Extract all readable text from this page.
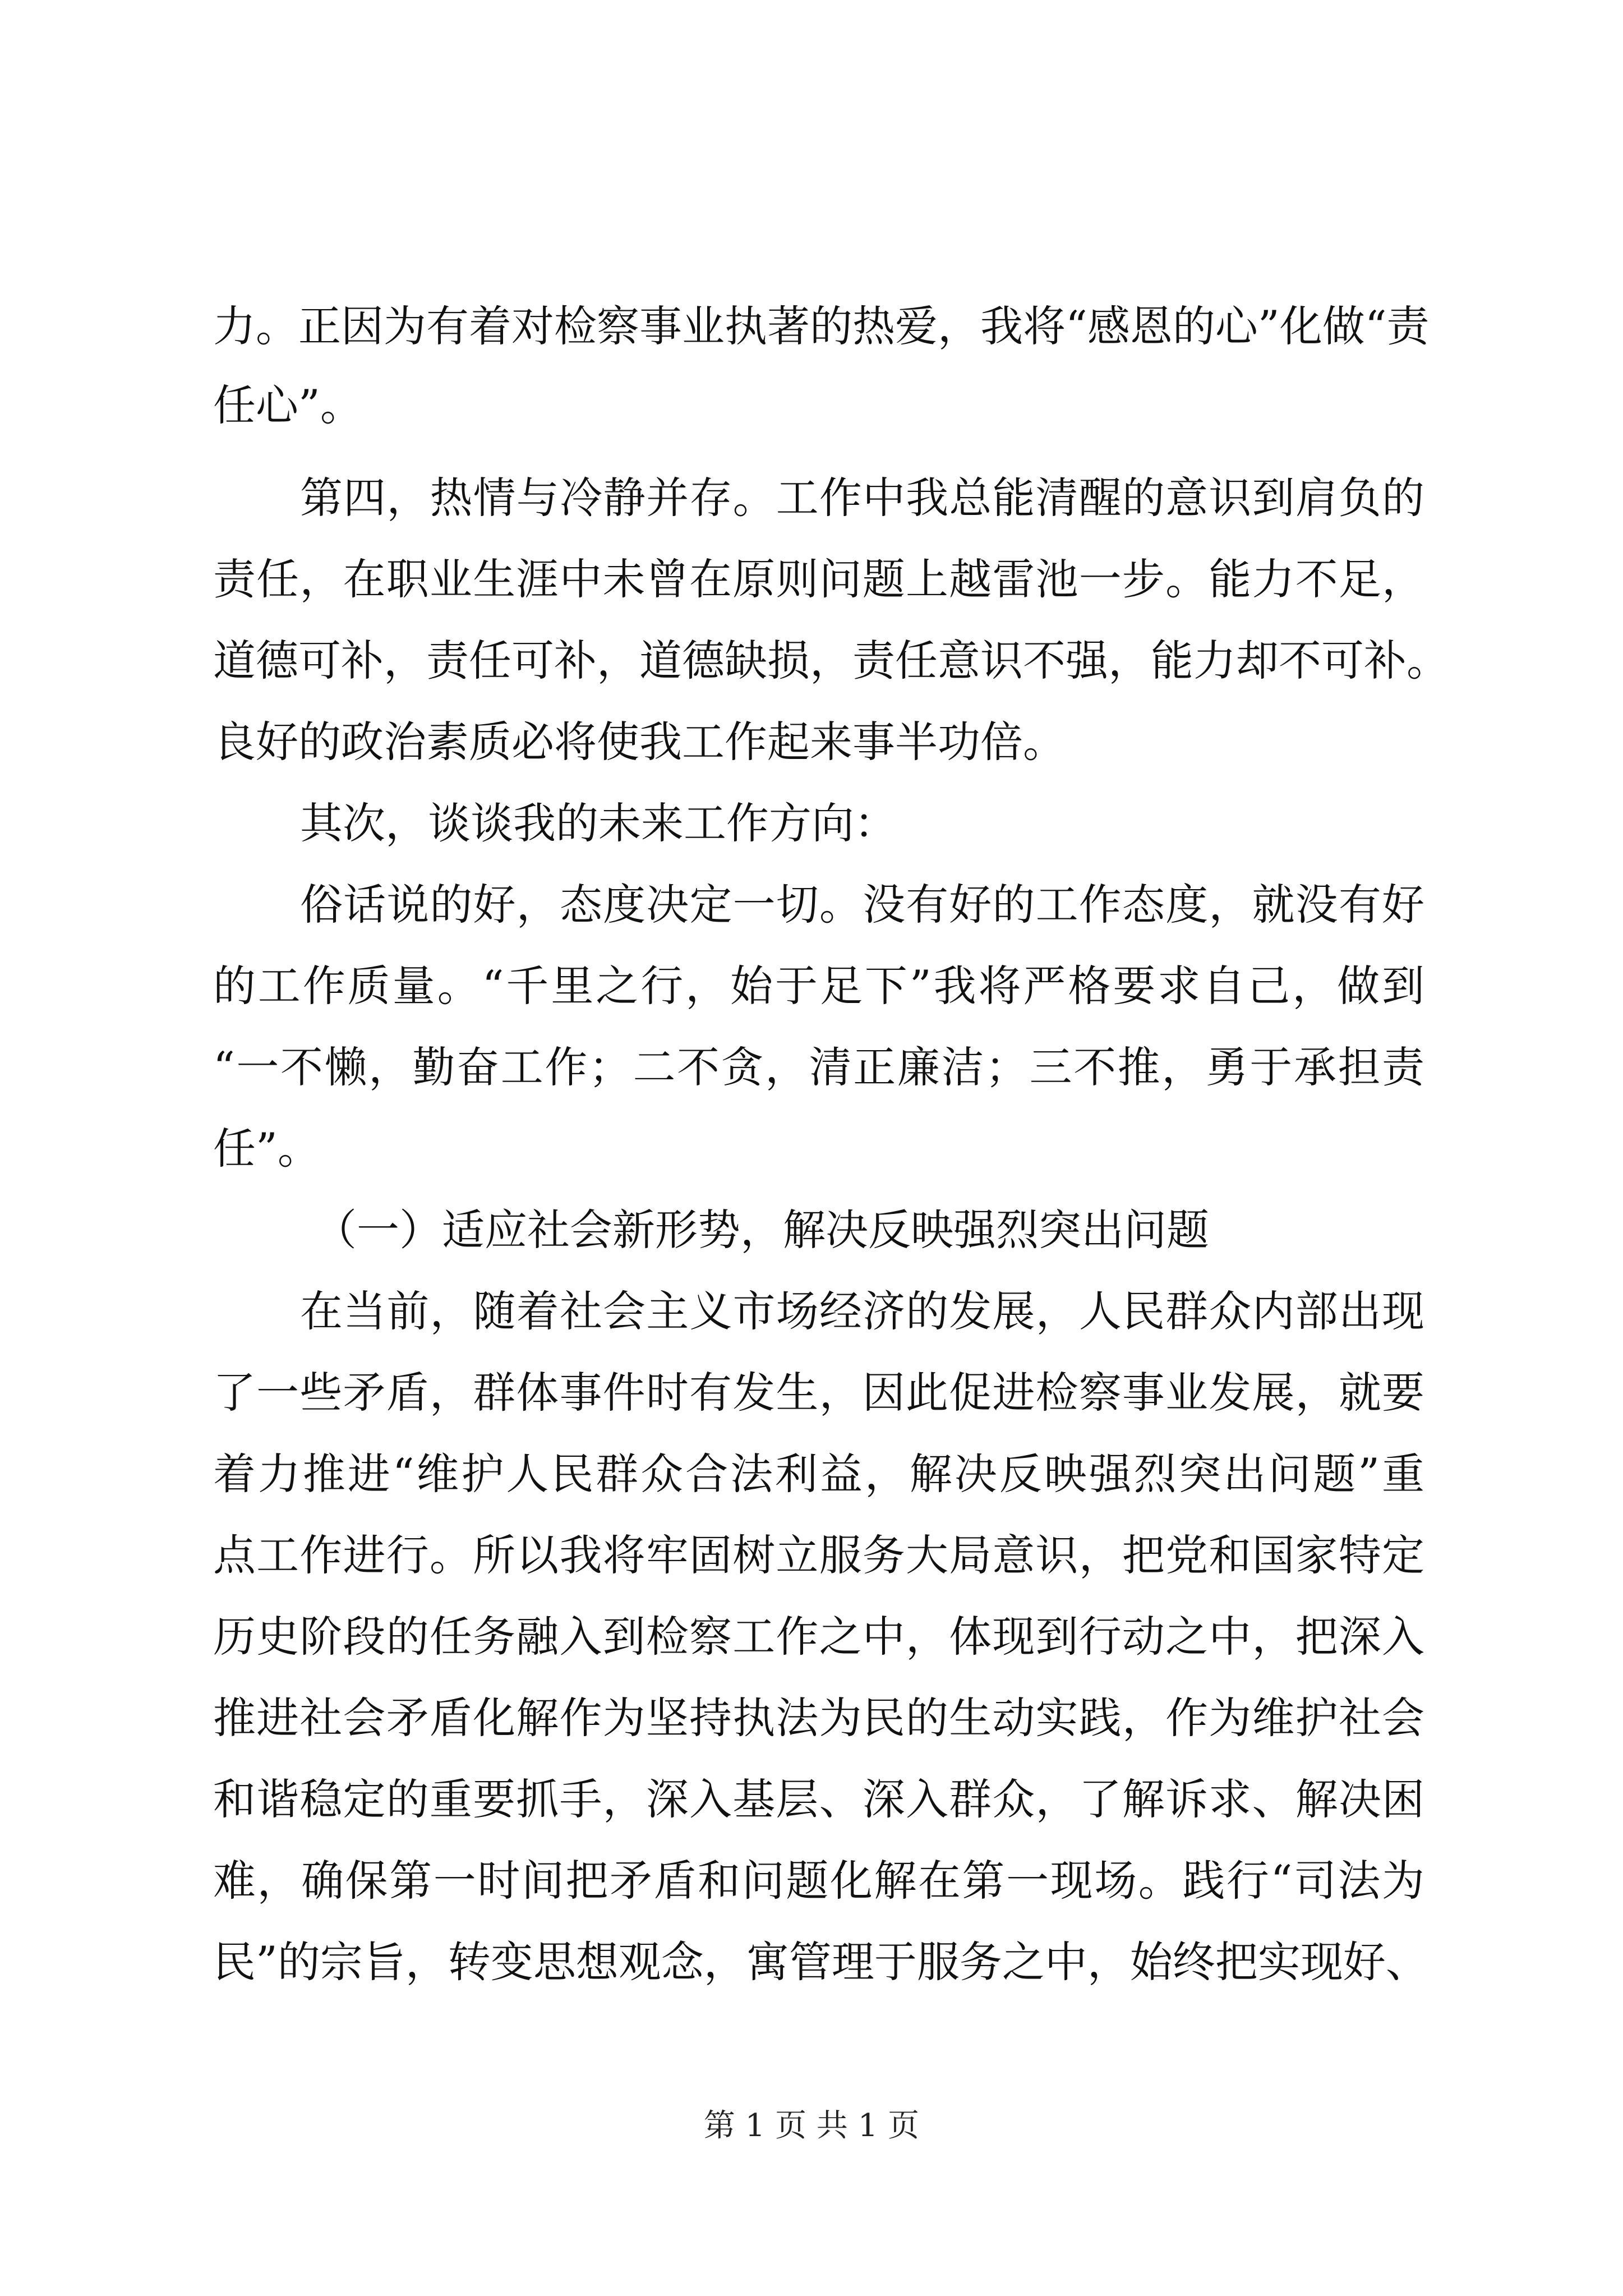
力。正因为有着对检察事业执著的热爱，我将“感恩的心”化做“责
任心”。
第四，热情与冷静并存。工作中我总能清醒的意识到肩负的
责任，在职业生涯中未曾在原则问题上越雷池一步。能力不足，
道德可补，责任可补，道德缺损，责任意识不强，能力却不可补。
良好的政治素质必将使我工作起来事半功倍。
其次，谈谈我的未来工作方向：
俗话说的好，态度决定一切。没有好的工作态度，就没有好
的工作质量。“千里之行，始于足下”我将严格要求自己，做到
“一不懒，勤奋工作；二不贪，清正廉洁；三不推，勇于承担责
任”。
（一）适应社会新形势，解决反映强烈突出问题
在当前，随着社会主义市场经济的发展，人民群众内部出现
了一些矛盾，群体事件时有发生，因此促进检察事业发展，就要
着力推进“维护人民群众合法利益，解决反映强烈突出问题”重
点工作进行。所以我将牢固树立服务大局意识，把党和国家特定
历史阶段的任务融入到检察工作之中，体现到行动之中，把深入
推进社会矛盾化解作为坚持执法为民的生动实践，作为维护社会
和谐稳定的重要抓手，深入基层、深入群众，了解诉求、解决困
难，确保第一时间把矛盾和问题化解在第一现场。践行“司法为
民”的宗旨，转变思想观念，寓管理于服务之中，始终把实现好、
第 1 页 共 1 页
